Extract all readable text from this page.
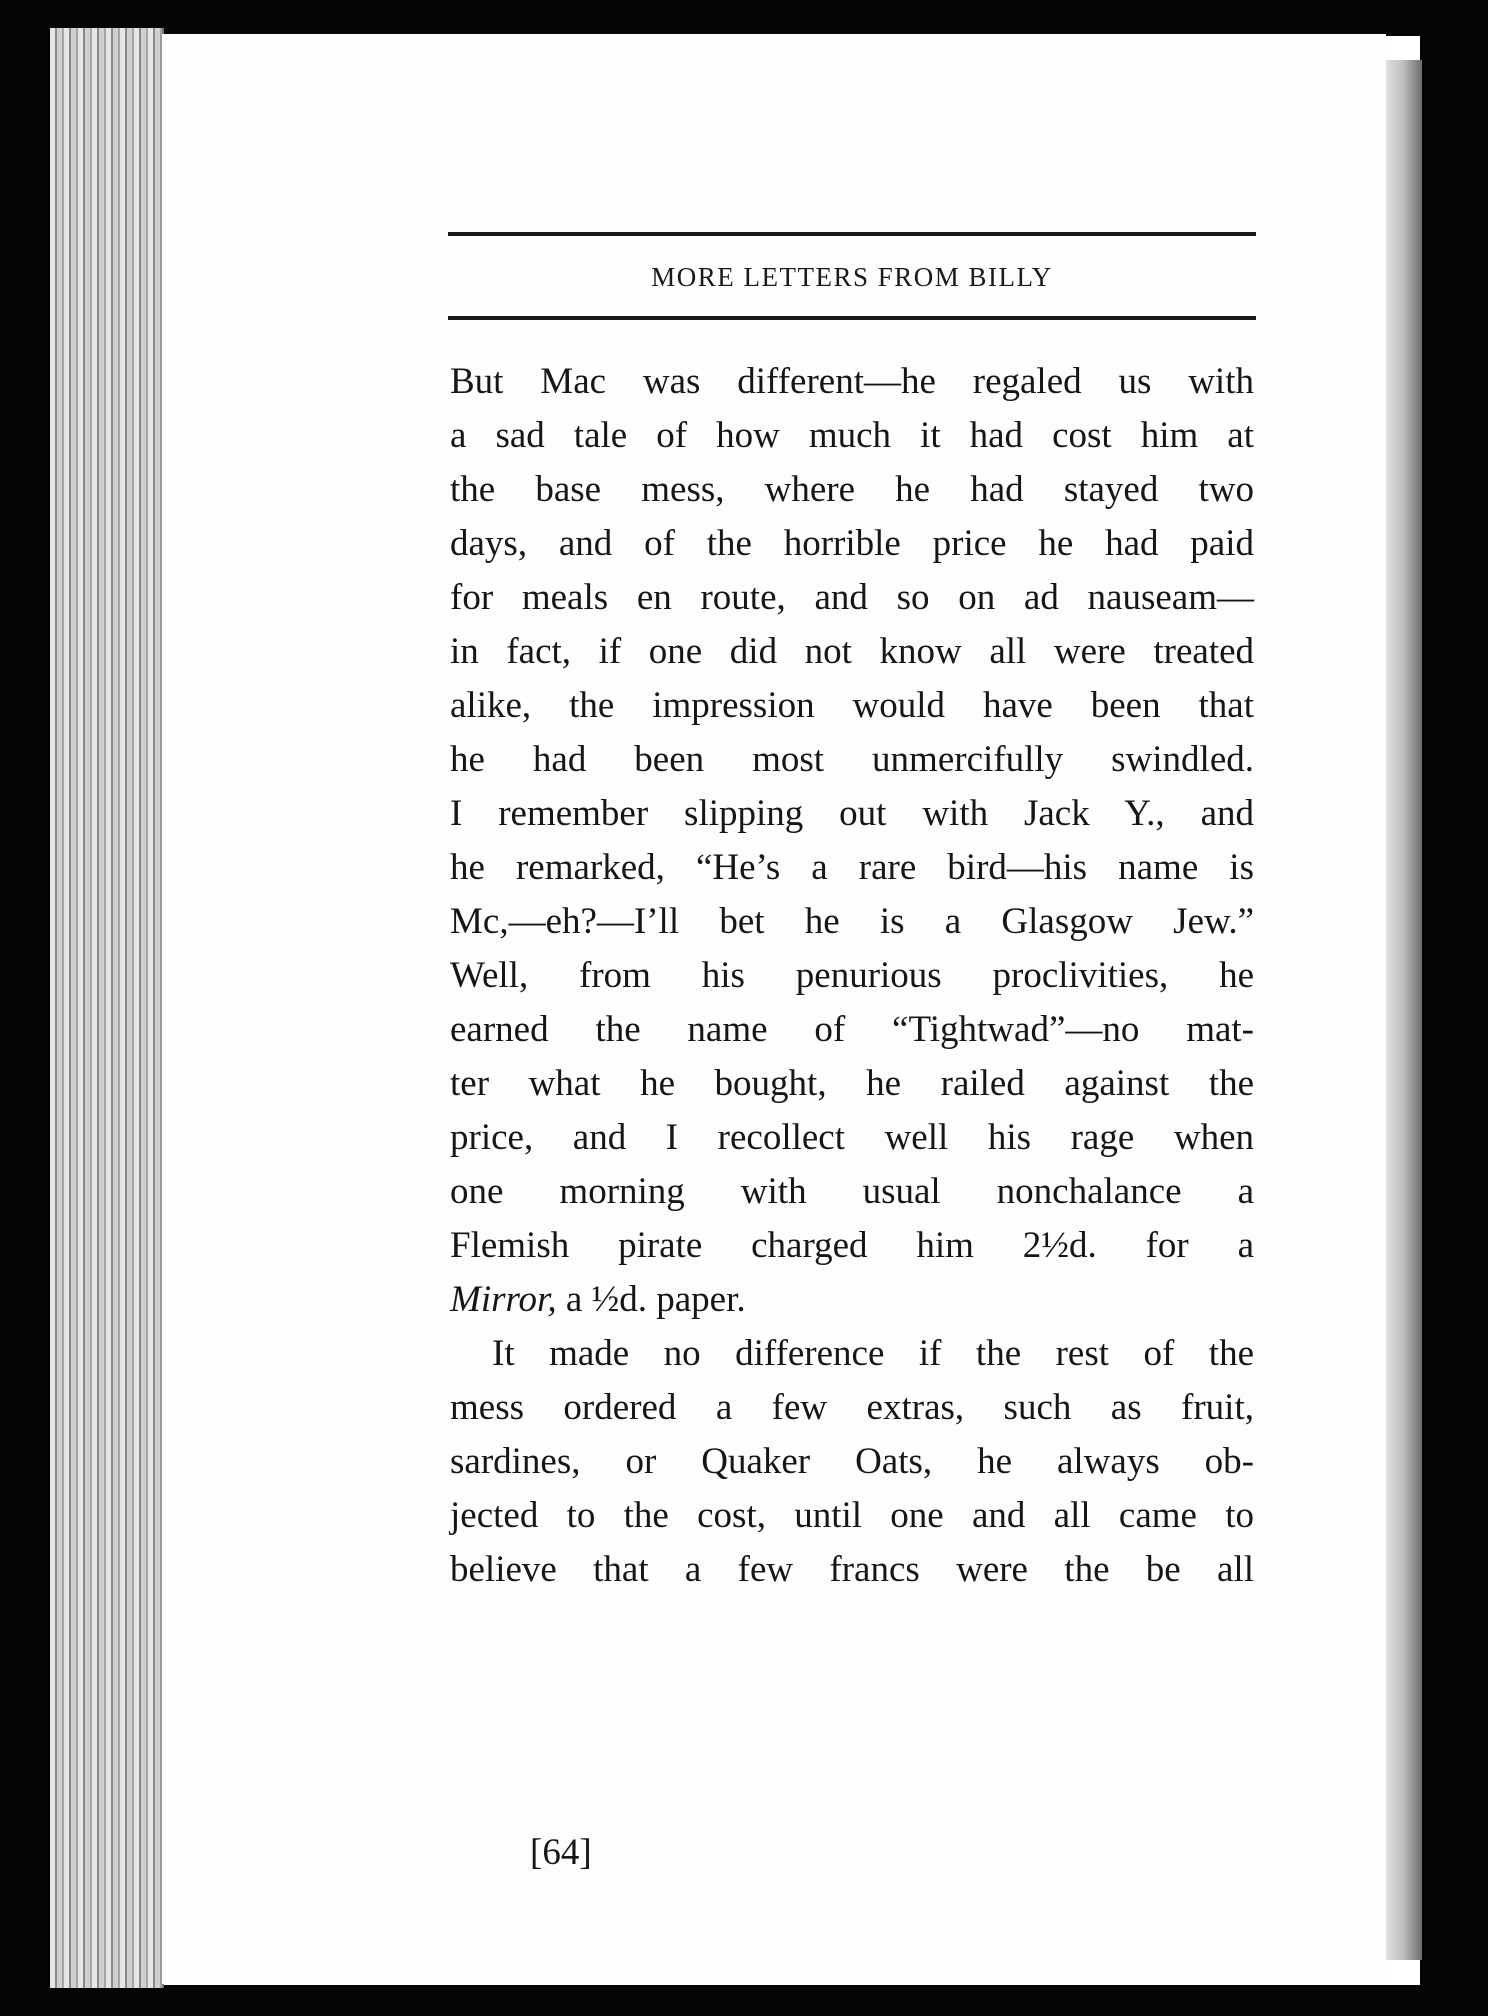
MORE LETTERS FROM BILLY
But Mac was different—he regaled us with
a sad tale of how much it had cost him at
the base mess, where he had stayed two
days, and of the horrible price he had paid
for meals en route, and so on ad nauseam—
in fact, if one did not know all were treated
alike, the impression would have been that
he had been most unmercifully swindled.
I remember slipping out with Jack Y., and
he remarked, “He’s a rare bird—his name is
Mc,—eh?—I’ll bet he is a Glasgow Jew.”
Well, from his penurious proclivities, he
earned the name of “Tightwad”—no mat-
ter what he bought, he railed against the
price, and I recollect well his rage when
one morning with usual nonchalance a
Flemish pirate charged him 2½d. for a
Mirror, a ½d. paper.
It made no difference if the rest of the
mess ordered a few extras, such as fruit,
sardines, or Quaker Oats, he always ob-
jected to the cost, until one and all came to
believe that a few francs were the be all
[64]
